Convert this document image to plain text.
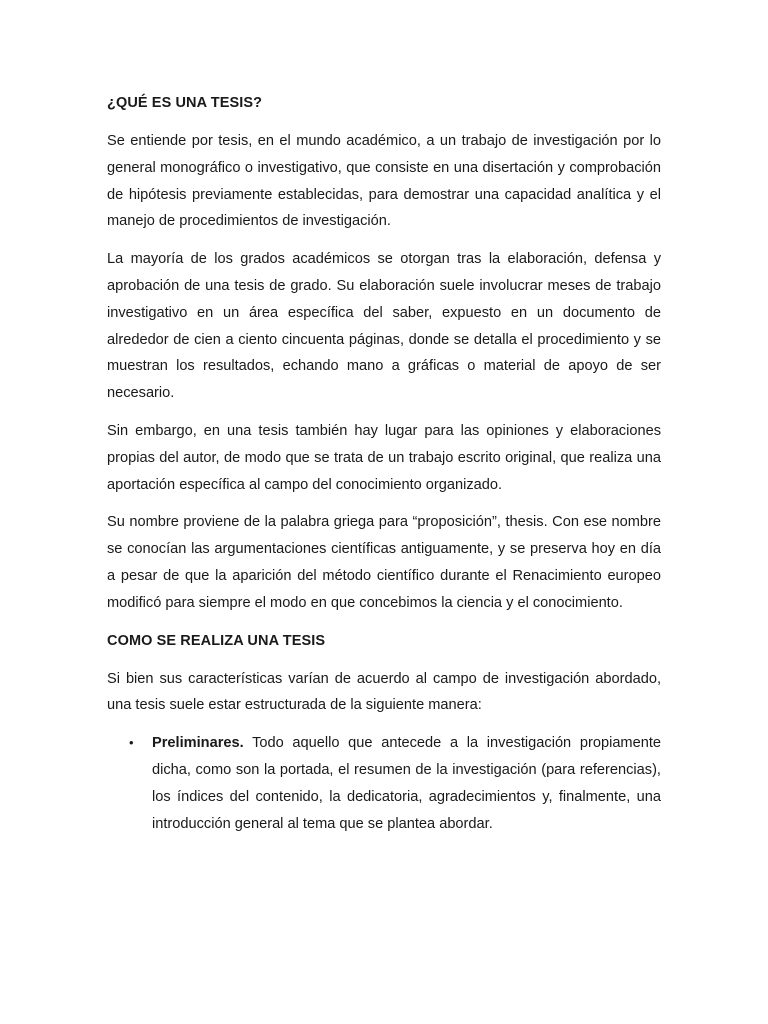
¿QUÉ ES UNA TESIS?

Se entiende por tesis, en el mundo académico, a un trabajo de investigación por lo general monográfico o investigativo, que consiste en una disertación y comprobación de hipótesis previamente establecidas, para demostrar una capacidad analítica y el manejo de procedimientos de investigación.

La mayoría de los grados académicos se otorgan tras la elaboración, defensa y aprobación de una tesis de grado. Su elaboración suele involucrar meses de trabajo investigativo en un área específica del saber, expuesto en un documento de alrededor de cien a ciento cincuenta páginas, donde se detalla el procedimiento y se muestran los resultados, echando mano a gráficas o material de apoyo de ser necesario.

Sin embargo, en una tesis también hay lugar para las opiniones y elaboraciones propias del autor, de modo que se trata de un trabajo escrito original, que realiza una aportación específica al campo del conocimiento organizado.

Su nombre proviene de la palabra griega para “proposición”, thesis. Con ese nombre se conocían las argumentaciones científicas antiguamente, y se preserva hoy en día a pesar de que la aparición del método científico durante el Renacimiento europeo modificó para siempre el modo en que concebimos la ciencia y el conocimiento.

COMO SE REALIZA UNA TESIS

Si bien sus características varían de acuerdo al campo de investigación abordado, una tesis suele estar estructurada de la siguiente manera:

• Preliminares. Todo aquello que antecede a la investigación propiamente dicha, como son la portada, el resumen de la investigación (para referencias), los índices del contenido, la dedicatoria, agradecimientos y, finalmente, una introducción general al tema que se plantea abordar.
